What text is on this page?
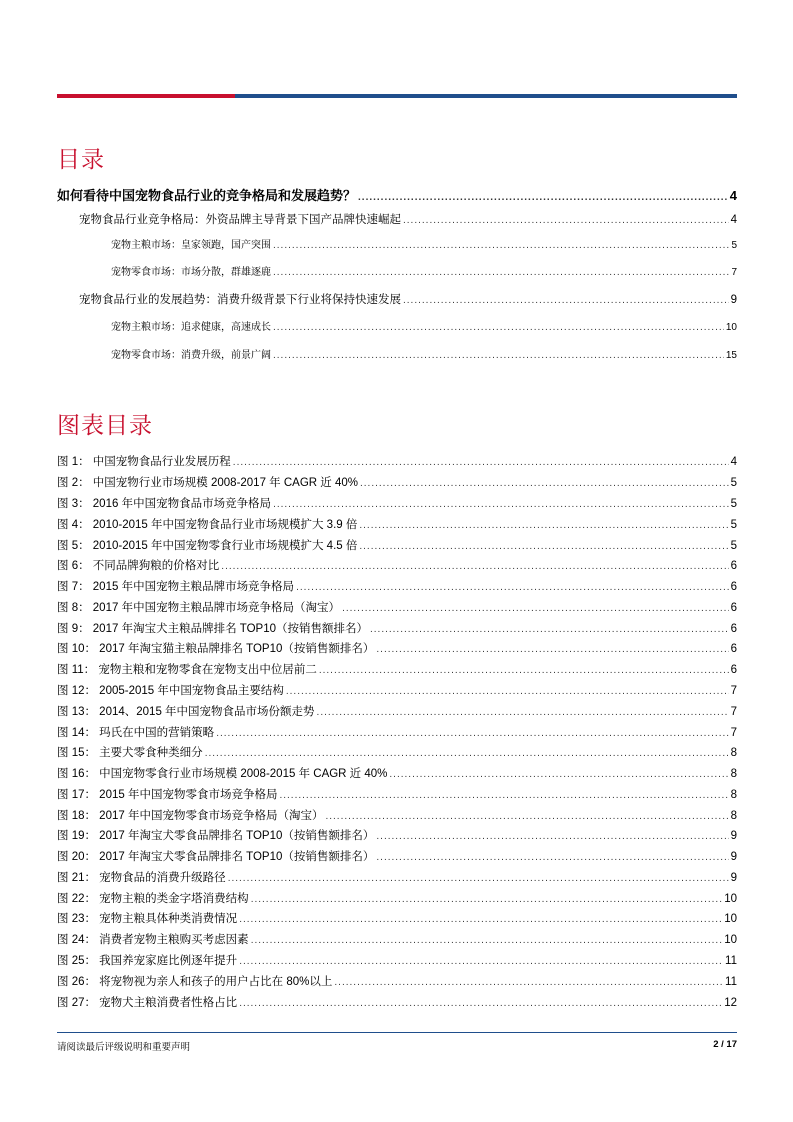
目录
如何看待中国宠物食品行业的竞争格局和发展趋势？ .....	4
宠物食品行业竞争格局：外资品牌主导背景下国产品牌快速崛起 .....	4
宠物主粮市场：皇家领跑，国产突围 .....	5
宠物零食市场：市场分散，群雄逐鹿 .....	7
宠物食品行业的发展趋势：消费升级背景下行业将保持快速发展 .....	9
宠物主粮市场：追求健康，高速成长 .....	10
宠物零食市场：消费升级，前景广阔 .....	15
图表目录
图 1： 中国宠物食品行业发展历程 .....	4
图 2： 中国宠物行业市场规模 2008-2017 年 CAGR 近 40% .....	5
图 3： 2016 年中国宠物食品市场竞争格局 .....	5
图 4： 2010-2015 年中国宠物食品行业市场规模扩大 3.9 倍 .....	5
图 5： 2010-2015 年中国宠物零食行业市场规模扩大 4.5 倍 .....	5
图 6： 不同品牌狗粮的价格对比 .....	6
图 7： 2015 年中国宠物主粮品牌市场竞争格局 .....	6
图 8： 2017 年中国宠物主粮品牌市场竞争格局（淘宝） .....	6
图 9： 2017 年淘宝犬主粮品牌排名 TOP10（按销售额排名） .....	6
图 10： 2017 年淘宝猫主粮品牌排名 TOP10（按销售额排名） .....	6
图 11： 宠物主粮和宠物零食在宠物支出中位居前二 .....	6
图 12： 2005-2015 年中国宠物食品主要结构 .....	7
图 13： 2014、2015 年中国宠物食品市场份额走势 .....	7
图 14： 玛氏在中国的营销策略 .....	7
图 15： 主要犬零食种类细分 .....	8
图 16： 中国宠物零食行业市场规模 2008-2015 年 CAGR 近 40% .....	8
图 17： 2015 年中国宠物零食市场竞争格局 .....	8
图 18： 2017 年中国宠物零食市场竞争格局（淘宝） .....	8
图 19： 2017 年淘宝犬零食品牌排名 TOP10（按销售额排名） .....	9
图 20： 2017 年淘宝犬零食品牌排名 TOP10（按销售额排名） .....	9
图 21： 宠物食品的消费升级路径 .....	9
图 22： 宠物主粮的类金字塔消费结构 .....	10
图 23： 宠物主粮具体种类消费情况 .....	10
图 24： 消费者宠物主粮购买考虑因素 .....	10
图 25： 我国养宠家庭比例逐年提升 .....	11
图 26： 将宠物视为亲人和孩子的用户占比在 80%以上 .....	11
图 27： 宠物犬主粮消费者性格占比 .....	12
请阅读最后评级说明和重要声明	2 / 17
